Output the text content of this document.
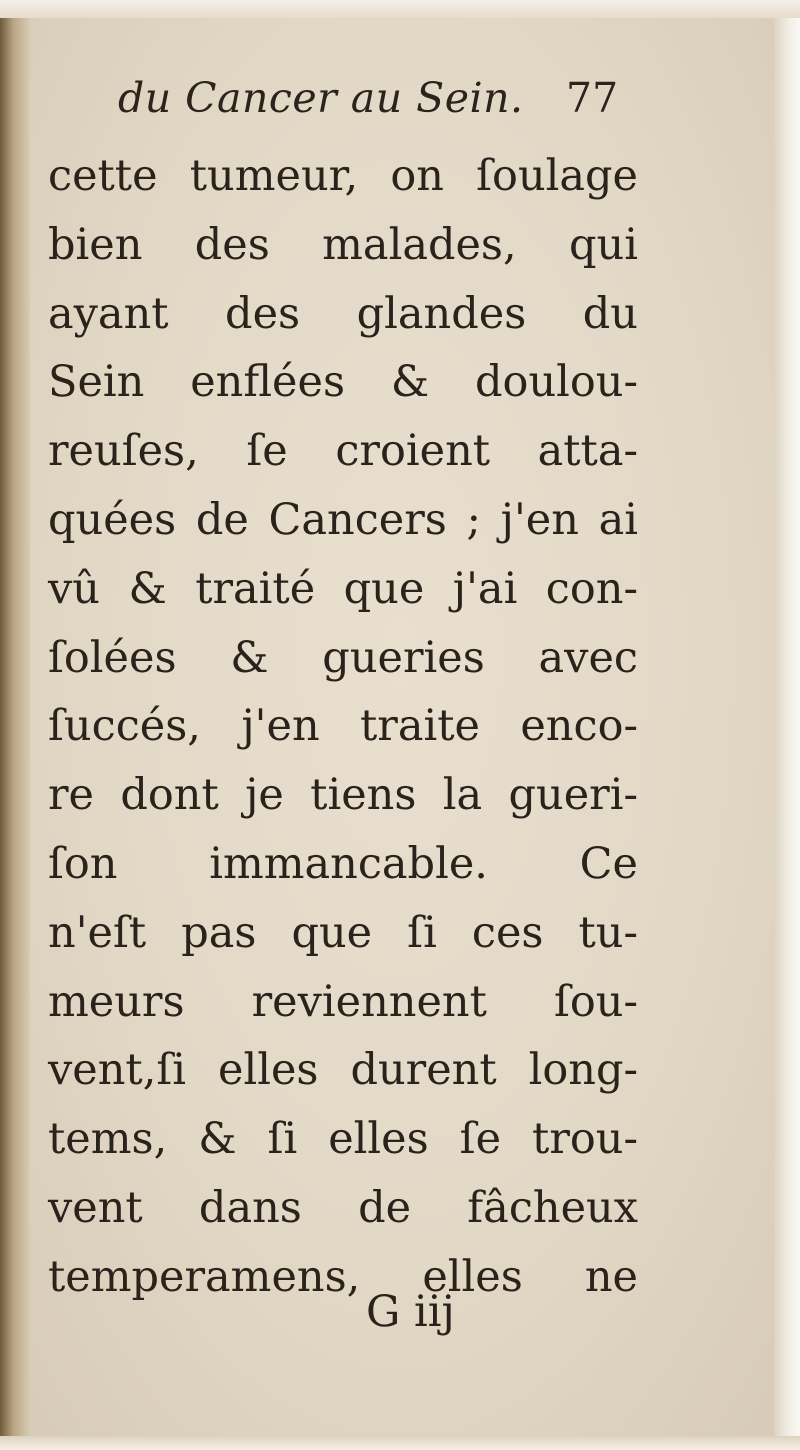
du Cancer au Sein. 77
cette tumeur, on ſoulage
bien des malades, qui
ayant des glandes du
Sein enflées & doulou-
reuſes, ſe croient atta-
quées de Cancers ; j'en ai
vû & traité que j'ai con-
ſolées & gueries avec
ſuccés, j'en traite enco-
re dont je tiens la gueri-
ſon immancable. Ce
n'eſt pas que ſi ces tu-
meurs reviennent ſou-
vent,ſi elles durent long-
tems, & ſi elles ſe trou-
vent dans de fâcheux
temperamens, elles ne
G iij
